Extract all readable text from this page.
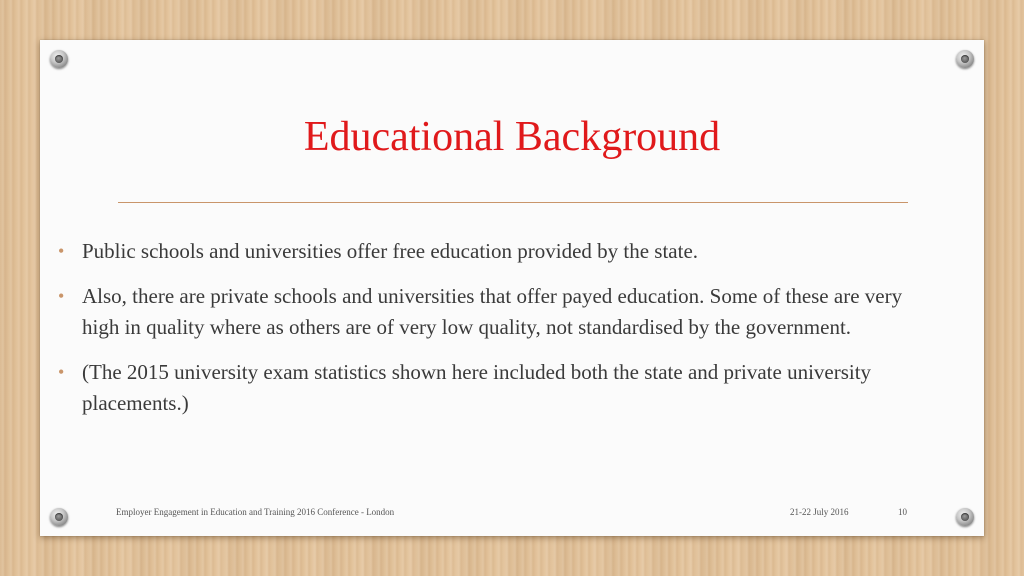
Educational Background
• Public schools and universities offer free education provided by the state.
• Also, there are private schools and universities that offer payed education. Some of these are very high in quality where as others are of very low quality, not standardised by the government.
• (The 2015 university exam statistics shown here included both the state and private university placements.)
Employer Engagement in Education and Training 2016 Conference - London	21-22 July 2016	10
